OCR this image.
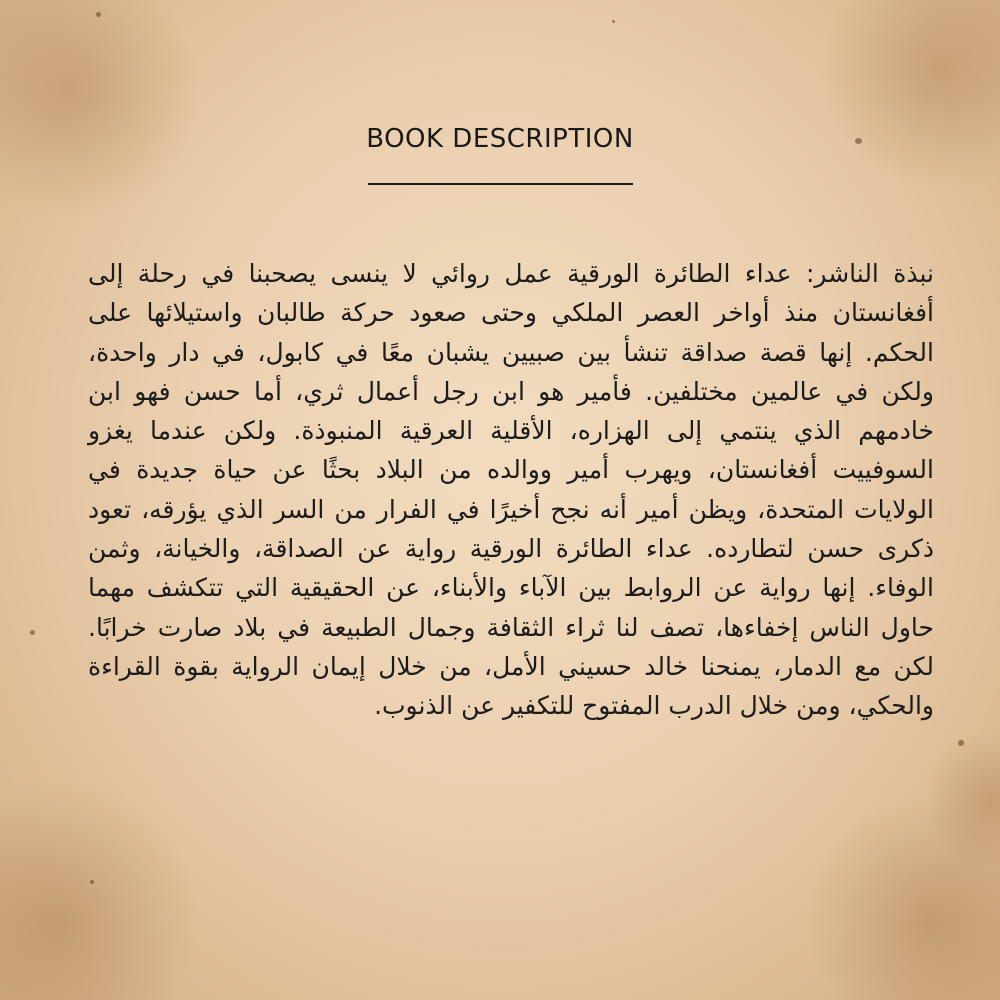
BOOK DESCRIPTION
نبذة الناشر: عداء الطائرة الورقية عمل روائي لا ينسى يصحبنا في رحلة إلى أفغانستان منذ أواخر العصر الملكي وحتى صعود حركة طالبان واستيلائها على الحكم. إنها قصة صداقة تنشأ بين صبيين يشبان معًا في كابول، في دار واحدة، ولكن في عالمين مختلفين. فأمير هو ابن رجل أعمال ثري، أما حسن فهو ابن خادمهم الذي ينتمي إلى الهزاره، الأقلية العرقية المنبوذة. ولكن عندما يغزو السوفييت أفغانستان، ويهرب أمير ووالده من البلاد بحثًا عن حياة جديدة في الولايات المتحدة، ويظن أمير أنه نجح أخيرًا في الفرار من السر الذي يؤرقه، تعود ذكرى حسن لتطارده. عداء الطائرة الورقية رواية عن الصداقة، والخيانة، وثمن الوفاء. إنها رواية عن الروابط بين الآباء والأبناء، عن الحقيقية التي تتكشف مهما حاول الناس إخفاءها، تصف لنا ثراء الثقافة وجمال الطبيعة في بلاد صارت خرابًا. لكن مع الدمار، يمنحنا خالد حسيني الأمل، من خلال إيمان الرواية بقوة القراءة والحكي، ومن خلال الدرب المفتوح للتكفير عن الذنوب.
